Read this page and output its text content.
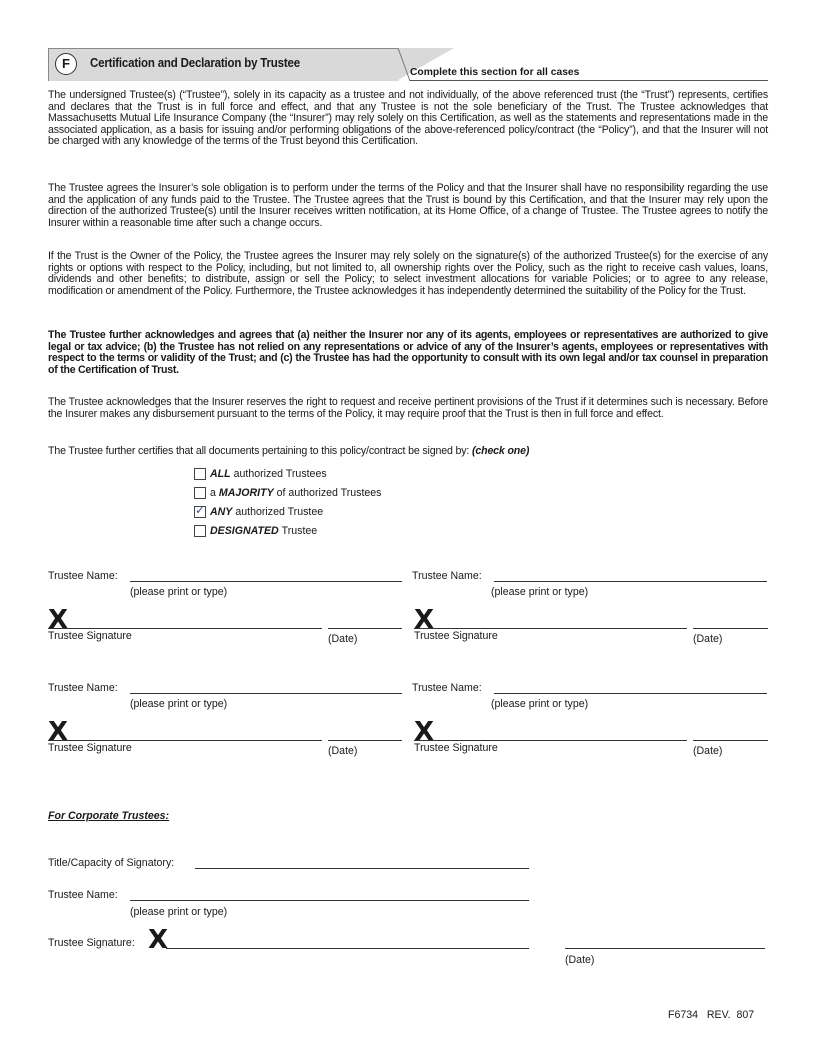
F	Certification and Declaration by Trustee
Complete this section for all cases
The undersigned Trustee(s) (“Trustee”), solely in its capacity as a trustee and not individually, of the above referenced trust (the “Trust”) represents, certifies and declares that the Trust is in full force and effect, and that any Trustee is not the sole beneficiary of the Trust. The Trustee acknowledges that Massachusetts Mutual Life Insurance Company (the “Insurer”) may rely solely on this Certification, as well as the statements and representations made in the associated application, as a basis for issuing and/or performing obligations of the above-referenced policy/contract (the “Policy”), and that the Insurer will not be charged with any knowledge of the terms of the Trust beyond this Certification.
The Trustee agrees the Insurer’s sole obligation is to perform under the terms of the Policy and that the Insurer shall have no responsibility regarding the use and the application of any funds paid to the Trustee. The Trustee agrees that the Trust is bound by this Certification, and that the Insurer may rely upon the direction of the authorized Trustee(s) until the Insurer receives written notification, at its Home Office, of a change of Trustee. The Trustee agrees to notify the Insurer within a reasonable time after such a change occurs.
If the Trust is the Owner of the Policy, the Trustee agrees the Insurer may rely solely on the signature(s) of the authorized Trustee(s) for the exercise of any rights or options with respect to the Policy, including, but not limited to, all ownership rights over the Policy, such as the right to receive cash values, loans, dividends and other benefits; to distribute, assign or sell the Policy; to select investment allocations for variable Policies; or to agree to any release, modification or amendment of the Policy. Furthermore, the Trustee acknowledges it has independently determined the suitability of the Policy for the Trust.
The Trustee further acknowledges and agrees that (a) neither the Insurer nor any of its agents, employees or representatives are authorized to give legal or tax advice; (b) the Trustee has not relied on any representations or advice of any of the Insurer’s agents, employees or representatives with respect to the terms or validity of the Trust; and (c) the Trustee has had the opportunity to consult with its own legal and/or tax counsel in preparation of the Certification of Trust.
The Trustee acknowledges that the Insurer reserves the right to request and receive pertinent provisions of the Trust if it determines such is necessary. Before the Insurer makes any disbursement pursuant to the terms of the Policy, it may require proof that the Trust is then in full force and effect.
The Trustee further certifies that all documents pertaining to this policy/contract be signed by: (check one)
ALL authorized Trustees
a MAJORITY of authorized Trustees
✓ ANY authorized Trustee
DESIGNATED Trustee
Trustee Name:
(please print or type)
Trustee Name:
(please print or type)
X
Trustee Signature	(Date)
X
Trustee Signature	(Date)
Trustee Name:
(please print or type)
Trustee Name:
(please print or type)
X
Trustee Signature	(Date)
X
Trustee Signature	(Date)
For Corporate Trustees:
Title/Capacity of Signatory:
Trustee Name:
(please print or type)
Trustee Signature: X
(Date)
F6734   REV.  807
